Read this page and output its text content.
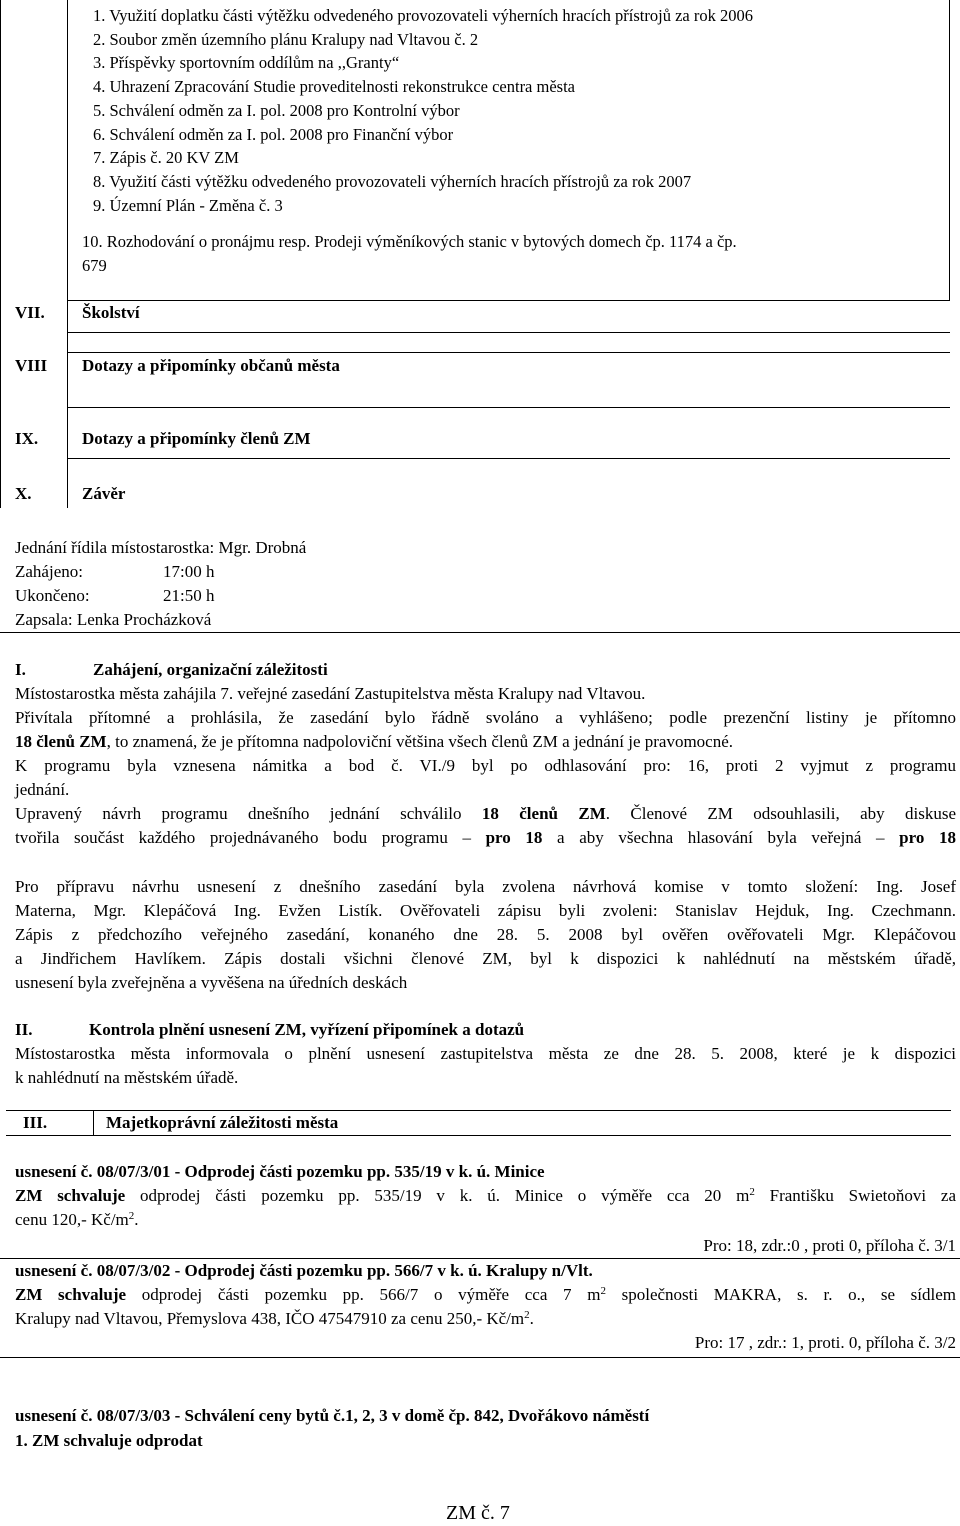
1. Využití doplatku části výtěžku odvedeného provozovateli výherních hracích přístrojů za rok 2006
2. Soubor změn územního plánu Kralupy nad Vltavou č. 2
3. Příspěvky sportovním oddílům na ,,Granty“
4. Uhrazení Zpracování Studie proveditelnosti rekonstrukce centra města
5. Schválení odměn za I. pol. 2008 pro Kontrolní výbor
6. Schválení odměn za I. pol. 2008 pro Finanční výbor
7. Zápis č. 20 KV ZM
8. Využití části výtěžku odvedeného provozovateli výherních hracích přístrojů za rok 2007
9. Územní Plán - Změna č. 3
10. Rozhodování o pronájmu resp. Prodeji výměníkových stanic v bytových domech čp. 1174 a čp.
679
VII. Školství
VIII Dotazy a připomínky občanů města
IX.	Dotazy a připomínky členů ZM
X.	Závěr
Jednání řídila místostarostka: Mgr. Drobná
Zahájeno:	17:00 h
Ukončeno:	21:50 h
Zapsala: Lenka Procházková
I.	Zahájení, organizační záležitosti
Místostarostka města zahájila 7. veřejné zasedání Zastupitelstva města Kralupy nad Vltavou.
Přivítala přítomné a prohlásila, že zasedání bylo řádně svoláno a vyhlášeno; podle prezenční listiny je přítomno
18 členů ZM, to znamená, že je přítomna nadpoloviční většina všech členů ZM a jednání je pravomocné.
K programu byla vznesena námitka a bod č. VI./9 byl po odhlasování pro: 16, proti 2 vyjmut z programu
jednání.
Upravený návrh programu dnešního jednání schválilo 18 členů ZM. Členové ZM odsouhlasili, aby diskuse
tvořila součást každého projednávaného bodu programu – pro 18 a aby všechna hlasování byla veřejná – pro 18
Pro přípravu návrhu usnesení z dnešního zasedání byla zvolena návrhová komise v tomto složení: Ing. Josef
Materna, Mgr. Klepáčová Ing. Evžen Listík. Ověřovateli zápisu byli zvoleni: Stanislav Hejduk, Ing. Czechmann.
Zápis z předchozího veřejného zasedání, konaného dne 28. 5. 2008 byl ověřen ověřovateli Mgr. Klepáčovou
a Jindřichem Havlíkem. Zápis dostali všichni členové ZM, byl k dispozici k nahlédnutí na městském úřadě,
usnesení byla zveřejněna a vyvěšena na úředních deskách
II.	Kontrola plnění usnesení ZM, vyřízení připomínek a dotazů
Místostarostka města informovala o plnění usnesení zastupitelstva města ze dne 28. 5. 2008, které je k dispozici
k nahlédnutí na městském úřadě.
III.	Majetkoprávní záležitosti města
usnesení č. 08/07/3/01 - Odprodej části pozemku pp. 535/19 v k. ú. Minice
ZM schvaluje odprodej části pozemku pp. 535/19 v k. ú. Minice o výměře cca 20 $m^2$ Františku Swietoňovi za
cenu 120,- $Kč/m^2$.
Pro: 18, zdr.:0 , proti 0, příloha č. 3/1
usnesení č. 08/07/3/02 - Odprodej části pozemku pp. 566/7 v k. ú. Kralupy n/Vlt.
ZM schvaluje odprodej části pozemku pp. 566/7 o výměře cca 7 $m^2$ společnosti MAKRA, s. r. o., se sídlem
Kralupy nad Vltavou, Přemyslova 438, IČO 47547910 za cenu 250,- $Kč/m^2$.
Pro: 17 , zdr.: 1, proti. 0, příloha č. 3/2
usnesení č. 08/07/3/03 - Schválení ceny bytů č.1, 2, 3 v domě čp. 842, Dvořákovo náměstí
1. ZM schvaluje odprodat
ZM č. 7
